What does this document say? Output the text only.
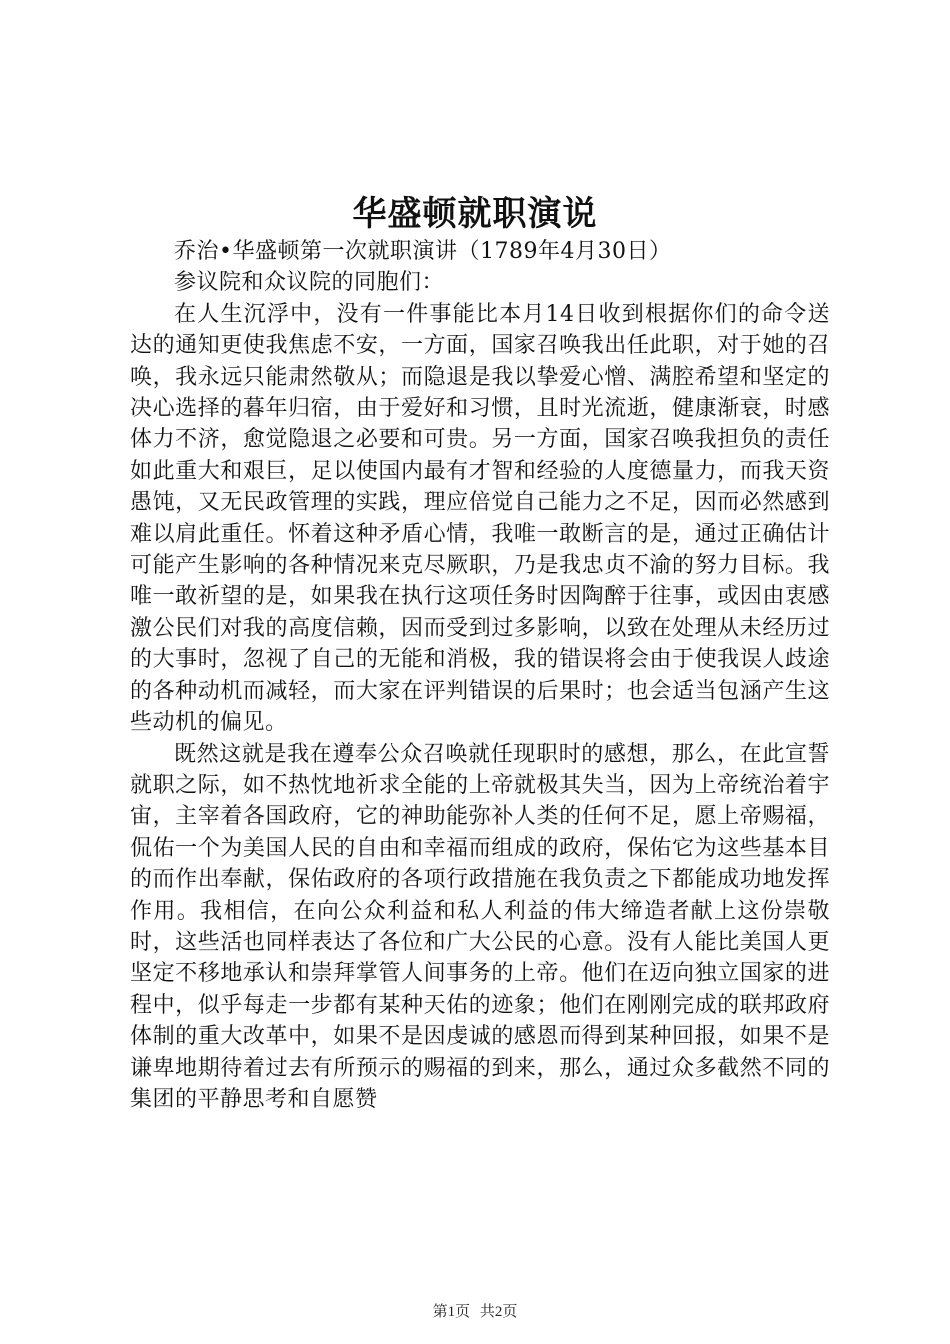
华盛顿就职演说

乔治•华盛顿第一次就职演讲（1789年4月30日）

参议院和众议院的同胞们：

在人生沉浮中，没有一件事能比本月14日收到根据你们的命令送达的通知更使我焦虑不安，一方面，国家召唤我出任此职，对于她的召唤，我永远只能肃然敬从；而隐退是我以挚爱心憎、满腔希望和坚定的决心选择的暮年归宿，由于爱好和习惯，且时光流逝，健康渐衰，时感体力不济，愈觉隐退之必要和可贵。另一方面，国家召唤我担负的责任如此重大和艰巨，足以使国内最有才智和经验的人度德量力，而我天资愚饨，又无民政管理的实践，理应倍觉自己能力之不足，因而必然感到难以肩此重任。怀着这种矛盾心情，我唯一敢断言的是，通过正确估计可能产生影响的各种情况来克尽厥职，乃是我忠贞不渝的努力目标。我唯一敢祈望的是，如果我在执行这项任务时因陶醉于往事，或因由衷感激公民们对我的高度信赖，因而受到过多影响，以致在处理从未经历过的大事时，忽视了自己的无能和消极，我的错误将会由于使我误人歧途的各种动机而减轻，而大家在评判错误的后果时；也会适当包涵产生这些动机的偏见。

既然这就是我在遵奉公众召唤就任现职时的感想，那么，在此宣誓就职之际，如不热忱地祈求全能的上帝就极其失当，因为上帝统治着宇宙，主宰着各国政府，它的神助能弥补人类的任何不足，愿上帝赐福，侃佑一个为美国人民的自由和幸福而组成的政府，保佑它为这些基本目的而作出奉献，保佑政府的各项行政措施在我负责之下都能成功地发挥作用。我相信，在向公众利益和私人利益的伟大缔造者献上这份崇敬时，这些活也同样表达了各位和广大公民的心意。没有人能比美国人更坚定不移地承认和崇拜掌管人间事务的上帝。他们在迈向独立国家的进程中，似乎每走一步都有某种天佑的迹象；他们在刚刚完成的联邦政府体制的重大改革中，如果不是因虔诚的感恩而得到某种回报，如果不是谦卑地期待着过去有所预示的赐福的到来，那么，通过众多截然不同的集团的平静思考和自愿赞

第1页 共2页
